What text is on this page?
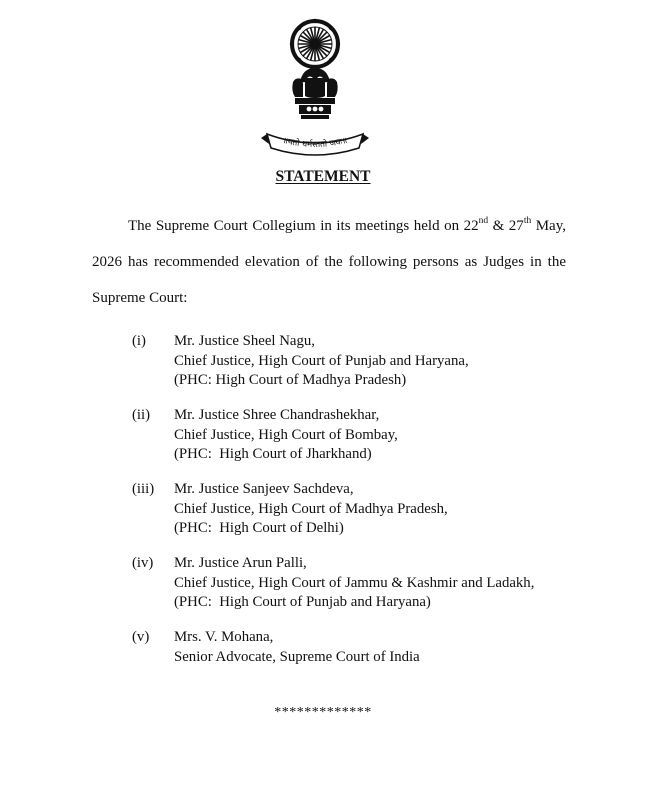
॥यतो धर्मस्ततो जयः॥
STATEMENT

The Supreme Court Collegium in its meetings held on 22nd & 27th May, 2026 has recommended elevation of the following persons as Judges in the Supreme Court:

(i) Mr. Justice Sheel Nagu,
Chief Justice, High Court of Punjab and Haryana,
(PHC: High Court of Madhya Pradesh)
(ii) Mr. Justice Shree Chandrashekhar,
Chief Justice, High Court of Bombay,
(PHC:  High Court of Jharkhand)
(iii) Mr. Justice Sanjeev Sachdeva,
Chief Justice, High Court of Madhya Pradesh,
(PHC:  High Court of Delhi)
(iv) Mr. Justice Arun Palli,
Chief Justice, High Court of Jammu & Kashmir and Ladakh,
(PHC:  High Court of Punjab and Haryana)
(v) Mrs. V. Mohana,
Senior Advocate, Supreme Court of India
*************
